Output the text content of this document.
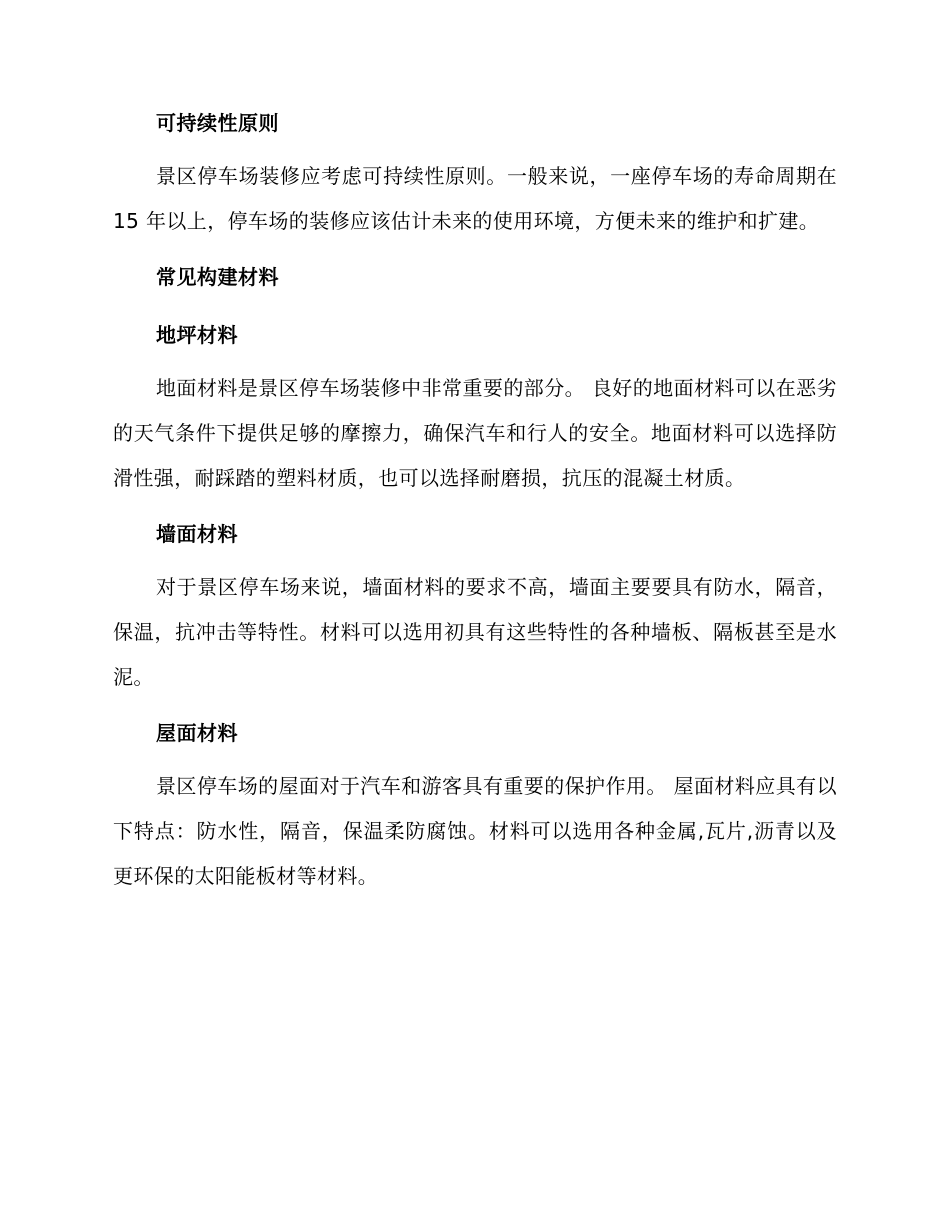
可持续性原则

景区停车场装修应考虑可持续性原则。一般来说，一座停车场的寿命周期在 15 年以上，停车场的装修应该估计未来的使用环境，方便未来的维护和扩建。

常见构建材料
地坪材料

地面材料是景区停车场装修中非常重要的部分。 良好的地面材料可以在恶劣的天气条件下提供足够的摩擦力，确保汽车和行人的安全。地面材料可以选择防滑性强，耐踩踏的塑料材质，也可以选择耐磨损，抗压的混凝土材质。

墙面材料

对于景区停车场来说，墙面材料的要求不高，墙面主要要具有防水，隔音，保温，抗冲击等特性。材料可以选用初具有这些特性的各种墙板、隔板甚至是水泥。

屋面材料

景区停车场的屋面对于汽车和游客具有重要的保护作用。 屋面材料应具有以下特点：防水性，隔音，保温柔防腐蚀。材料可以选用各种金属,瓦片,沥青以及更环保的太阳能板材等材料。
